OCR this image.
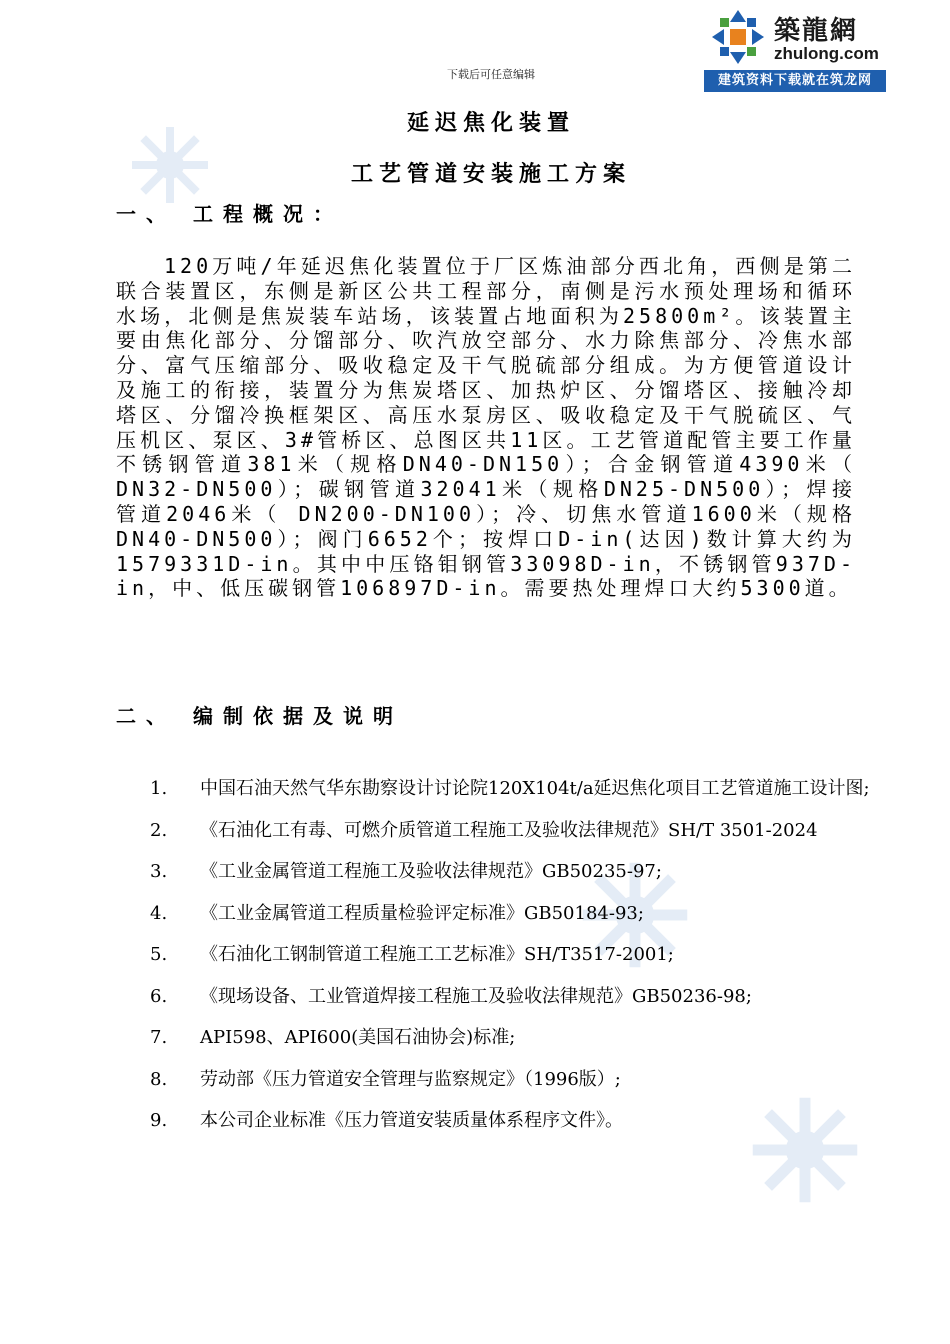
築龍網
zhulong.com
建筑资料下载就在筑龙网
下载后可任意编辑
延迟焦化装置
工艺管道安装施工方案
一、 工程概况：
120万吨/年延迟焦化装置位于厂区炼油部分西北角，西侧是第二联合装置区，东侧是新区公共工程部分，南侧是污水预处理场和循环水场，北侧是焦炭装车站场，该装置占地面积为25800m²。该装置主要由焦化部分、分馏部分、吹汽放空部分、水力除焦部分、冷焦水部分、富气压缩部分、吸收稳定及干气脱硫部分组成。为方便管道设计及施工的衔接，装置分为焦炭塔区、加热炉区、分馏塔区、接触冷却塔区、分馏冷换框架区、高压水泵房区、吸收稳定及干气脱硫区、气压机区、泵区、3#管桥区、总图区共11区。工艺管道配管主要工作量不锈钢管道381米（规格DN40-DN150）；合金钢管道4390米（ DN32-DN500）；碳钢管道32041米（规格DN25-DN500）；焊接管道2046米（ DN200-DN100）；冷、切焦水管道1600米（规格DN40-DN500）；阀门6652个；按焊口D-in(达因)数计算大约为1579331D-in。其中中压铬钼钢管33098D-in，不锈钢管937D-in，中、低压碳钢管106897D-in。需要热处理焊口大约5300道。
二、 编制依据及说明
1.	中国石油天然气华东勘察设计讨论院120Ⅹ104t/a延迟焦化项目工艺管道施工设计图;
2.	《石油化工有毒、可燃介质管道工程施工及验收法律规范》SH/T 3501-2024
3.	《工业金属管道工程施工及验收法律规范》GB50235-97;
4.	《工业金属管道工程质量检验评定标准》GB50184-93;
5.	《石油化工钢制管道工程施工工艺标准》SH/T3517-2001;
6.	《现场设备、工业管道焊接工程施工及验收法律规范》GB50236-98;
7.	API598、API600(美国石油协会)标准;
8.	劳动部《压力管道安全管理与监察规定》（1996版）;
9.	本公司企业标准《压力管道安装质量体系程序文件》。
